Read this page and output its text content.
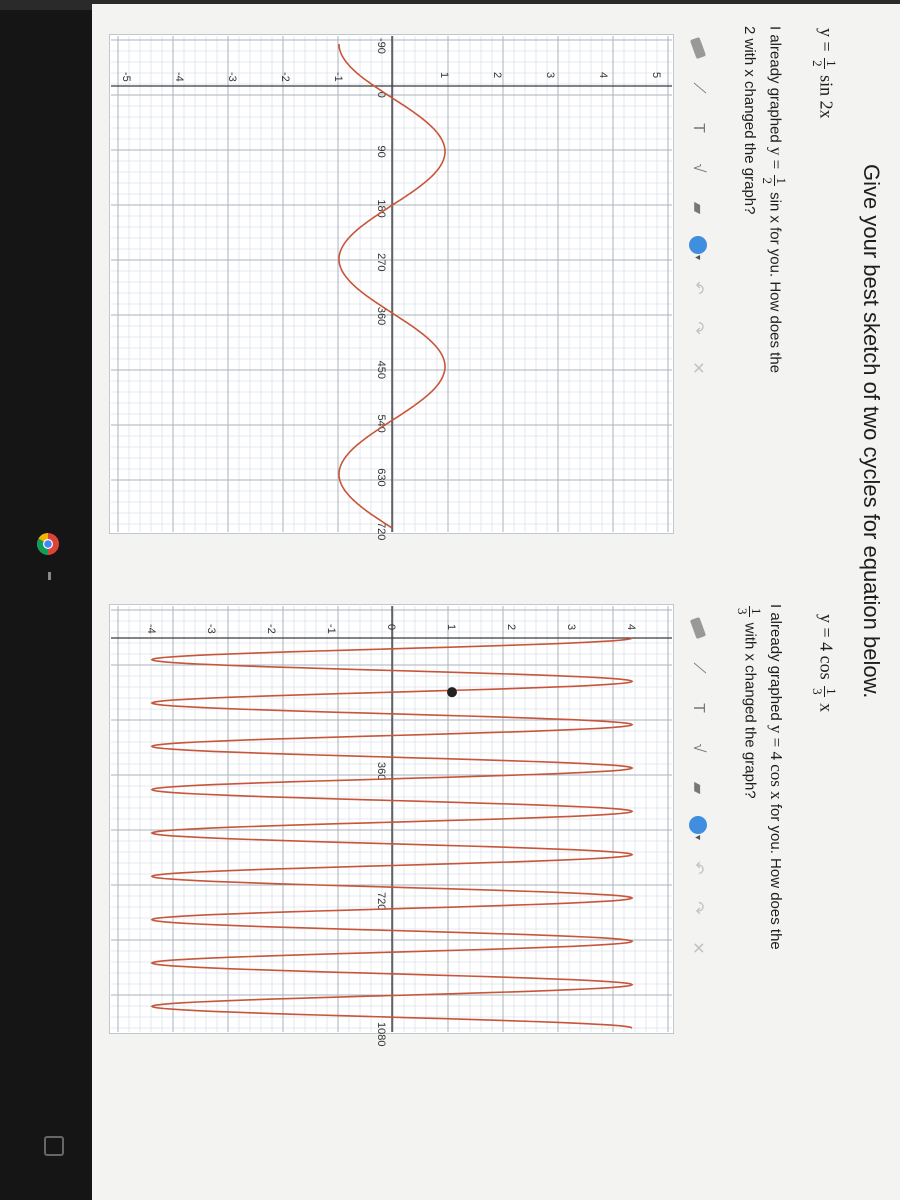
Give your best sketch of two cycles for equation below.
y =
1
2
sin 2x
I already graphed y =
1
2
sin x for you. How does the
2 with x changed the graph?
⟋
T
√
▰
▾
↶
↷
✕
-90
0
90
180
270
360
450
540
630
720
5
4
3
2
1
-1
-2
-3
-4
-5
y = 4 cos
1
3
x
I already graphed y = 4 cos x for you. How does the

1
3
with x changed the graph?
⟋
T
√
▰
▾
↶
↷
✕
360
720
1080
4
3
2
1
0
-1
-2
-3
-4
